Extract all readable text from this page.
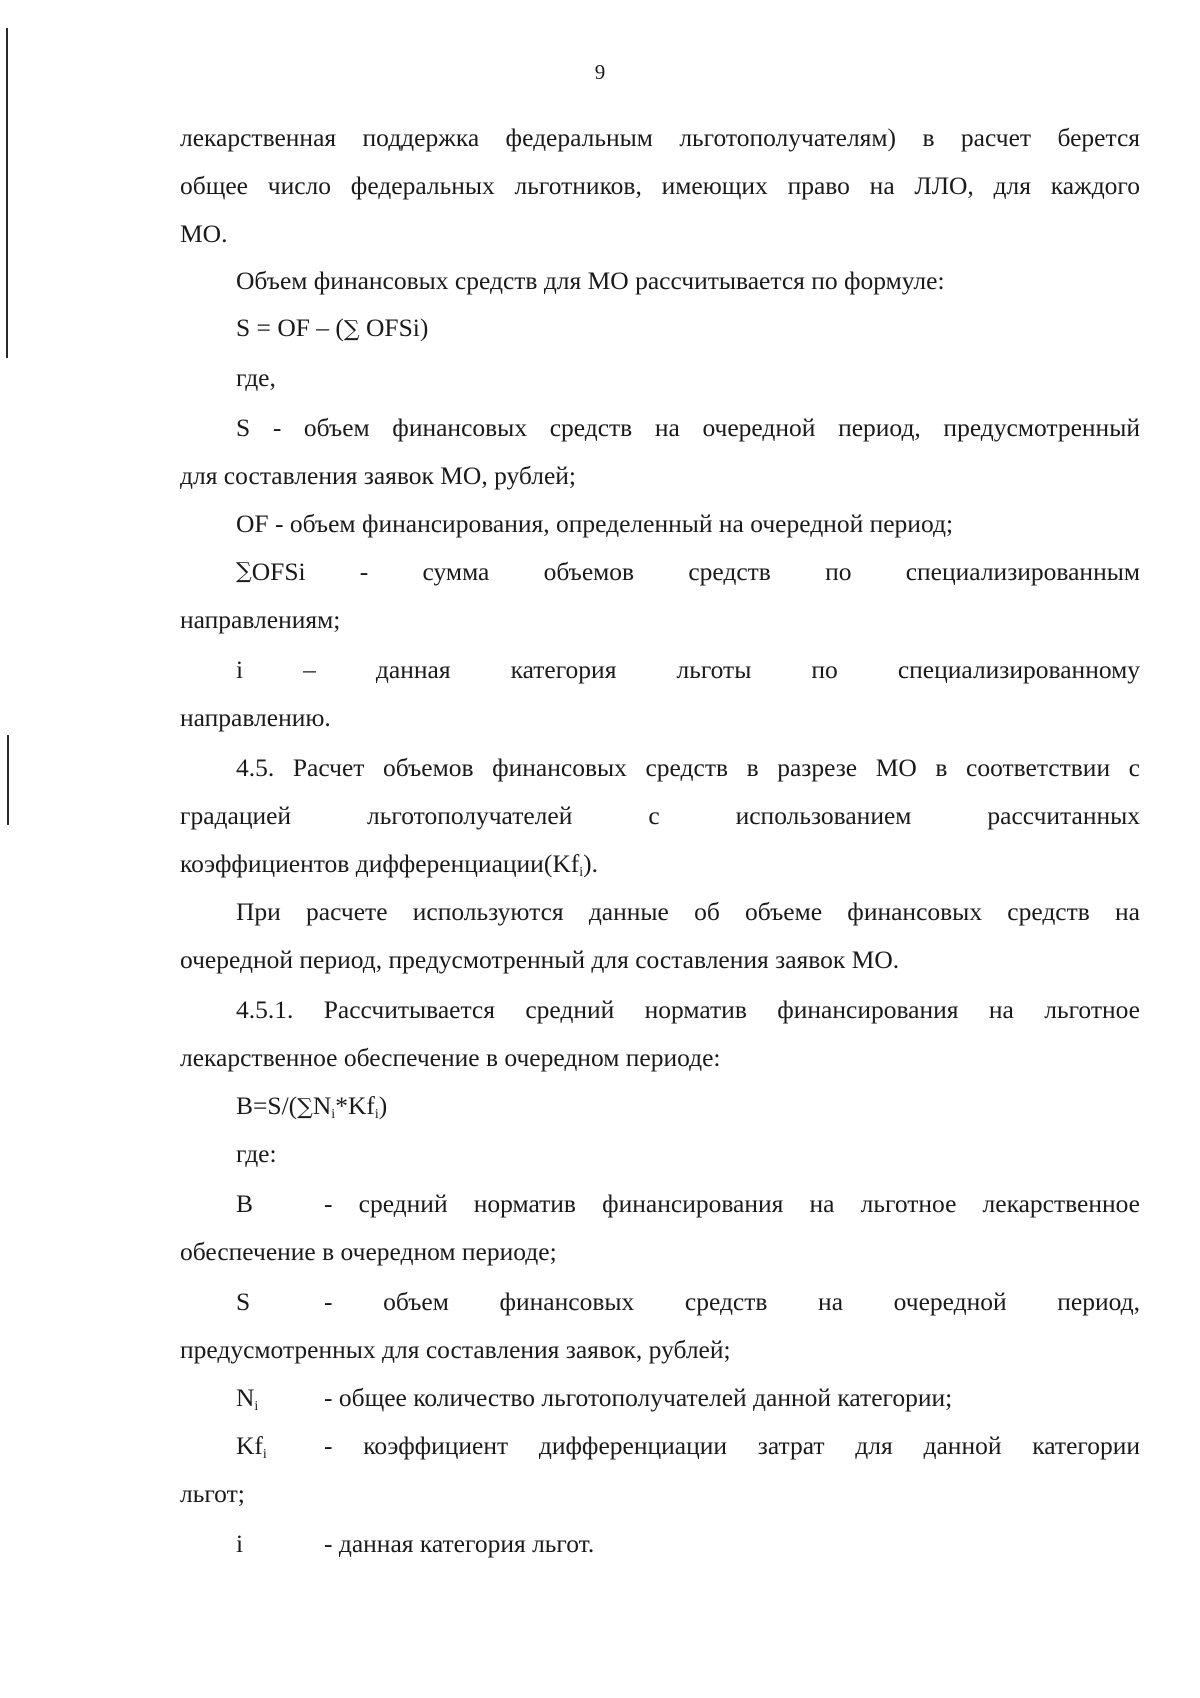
9
лекарственная поддержка федеральным льготополучателям) в расчет берется
общее число федеральных льготников, имеющих право на ЛЛО, для каждого
МО.
Объем финансовых средств для МО рассчитывается по формуле:
S = OF – (∑ OFSi)
где,
S - объем финансовых средств на очередной период, предусмотренный
для составления заявок МО, рублей;
OF - объем финансирования, определенный на очередной период;
∑ OFSi - сумма объемов средств по специализированным
направлениям;
i – данная категория льготы по специализированному
направлению.
4.5. Расчет объемов финансовых средств в разрезе МО в соответствии с
градацией льготополучателей с использованием рассчитанных
коэффициентов $дифференциации(Kf_i)$.
При расчете используются данные об объеме финансовых средств на
очередной период, предусмотренный для составления заявок МО.
4.5.1. Рассчитывается средний норматив финансирования на льготное
лекарственное обеспечение в очередном периоде:
$B=S/(\sum N_i*Kf_i)$
где:
B	- средний норматив финансирования на льготное лекарственное
обеспечение в очередном периоде;
S	- объем финансовых средств на очередной период,
предусмотренных для составления заявок, рублей;
$N_i$	- общее количество льготополучателей данной категории;
$Kf_i$ - коэффициент дифференциации затрат для данной категории
льгот;
i	- данная категория льгот.
